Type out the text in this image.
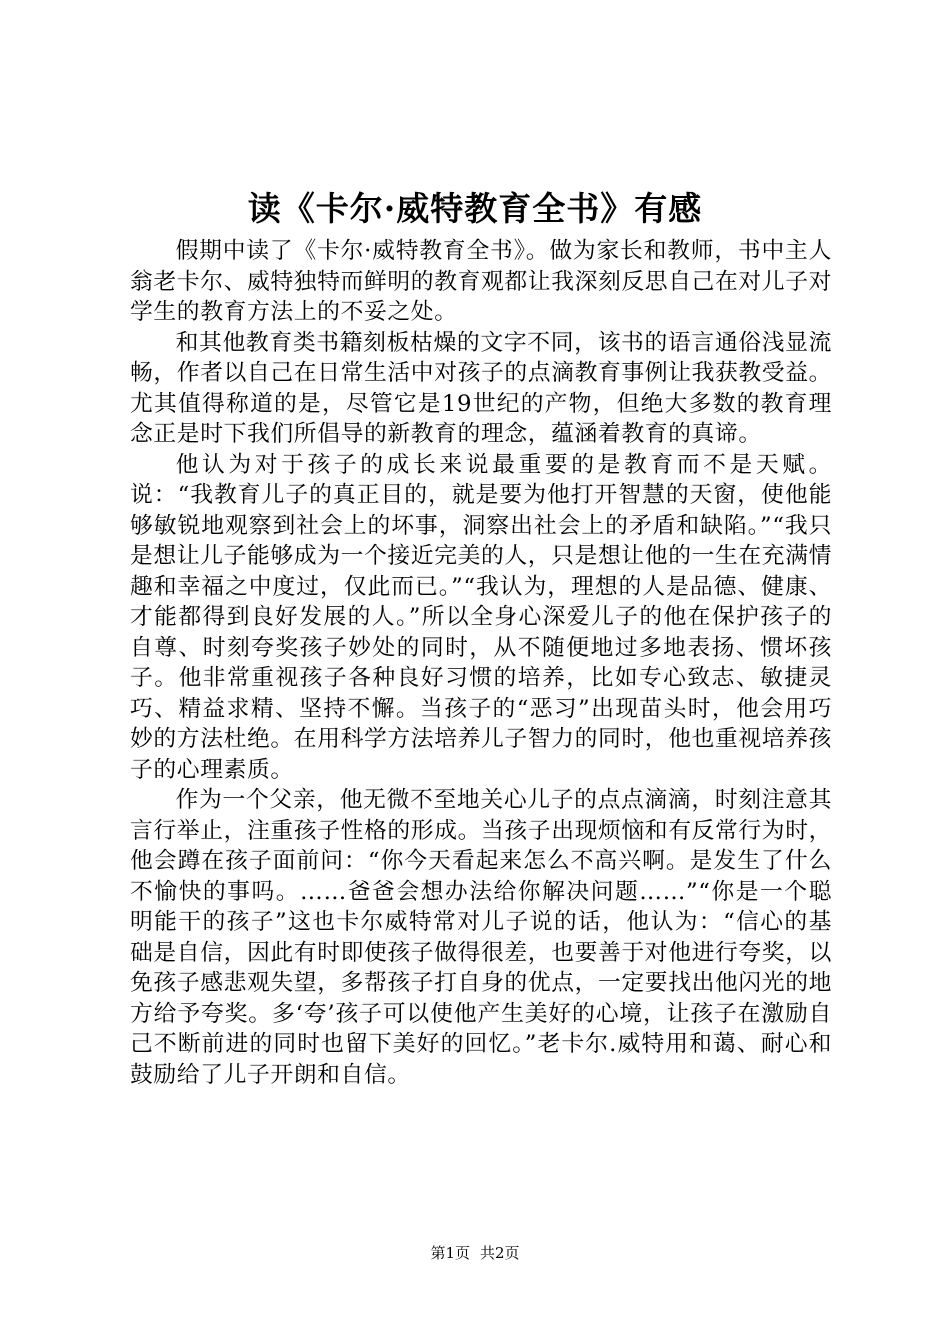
读《卡尔·威特教育全书》有感

假期中读了《卡尔·威特教育全书》。做为家长和教师，书中主人翁老卡尔、威特独特而鲜明的教育观都让我深刻反思自己在对儿子对学生的教育方法上的不妥之处。

和其他教育类书籍刻板枯燥的文字不同，该书的语言通俗浅显流畅，作者以自己在日常生活中对孩子的点滴教育事例让我获教受益。尤其值得称道的是，尽管它是19世纪的产物，但绝大多数的教育理念正是时下我们所倡导的新教育的理念，蕴涵着教育的真谛。

他认为对于孩子的成长来说最重要的是教育而不是天赋。说：“我教育儿子的真正目的，就是要为他打开智慧的天窗，使他能够敏锐地观察到社会上的坏事，洞察出社会上的矛盾和缺陷。”“我只是想让儿子能够成为一个接近完美的人，只是想让他的一生在充满情趣和幸福之中度过，仅此而已。”“我认为，理想的人是品德、健康、才能都得到良好发展的人。”所以全身心深爱儿子的他在保护孩子的自尊、时刻夸奖孩子妙处的同时，从不随便地过多地表扬、惯坏孩子。他非常重视孩子各种良好习惯的培养，比如专心致志、敏捷灵巧、精益求精、坚持不懈。当孩子的“恶习”出现苗头时，他会用巧妙的方法杜绝。在用科学方法培养儿子智力的同时，他也重视培养孩子的心理素质。

作为一个父亲，他无微不至地关心儿子的点点滴滴，时刻注意其言行举止，注重孩子性格的形成。当孩子出现烦恼和有反常行为时，他会蹲在孩子面前问：“你今天看起来怎么不高兴啊。是发生了什么不愉快的事吗。……爸爸会想办法给你解决问题……”“你是一个聪明能干的孩子”这也卡尔威特常对儿子说的话，他认为：“信心的基础是自信，因此有时即使孩子做得很差，也要善于对他进行夸奖，以免孩子感悲观失望，多帮孩子打自身的优点，一定要找出他闪光的地方给予夸奖。多‘夸’孩子可以使他产生美好的心境，让孩子在激励自己不断前进的同时也留下美好的回忆。”老卡尔.威特用和蔼、耐心和鼓励给了儿子开朗和自信。

第1页 共2页
